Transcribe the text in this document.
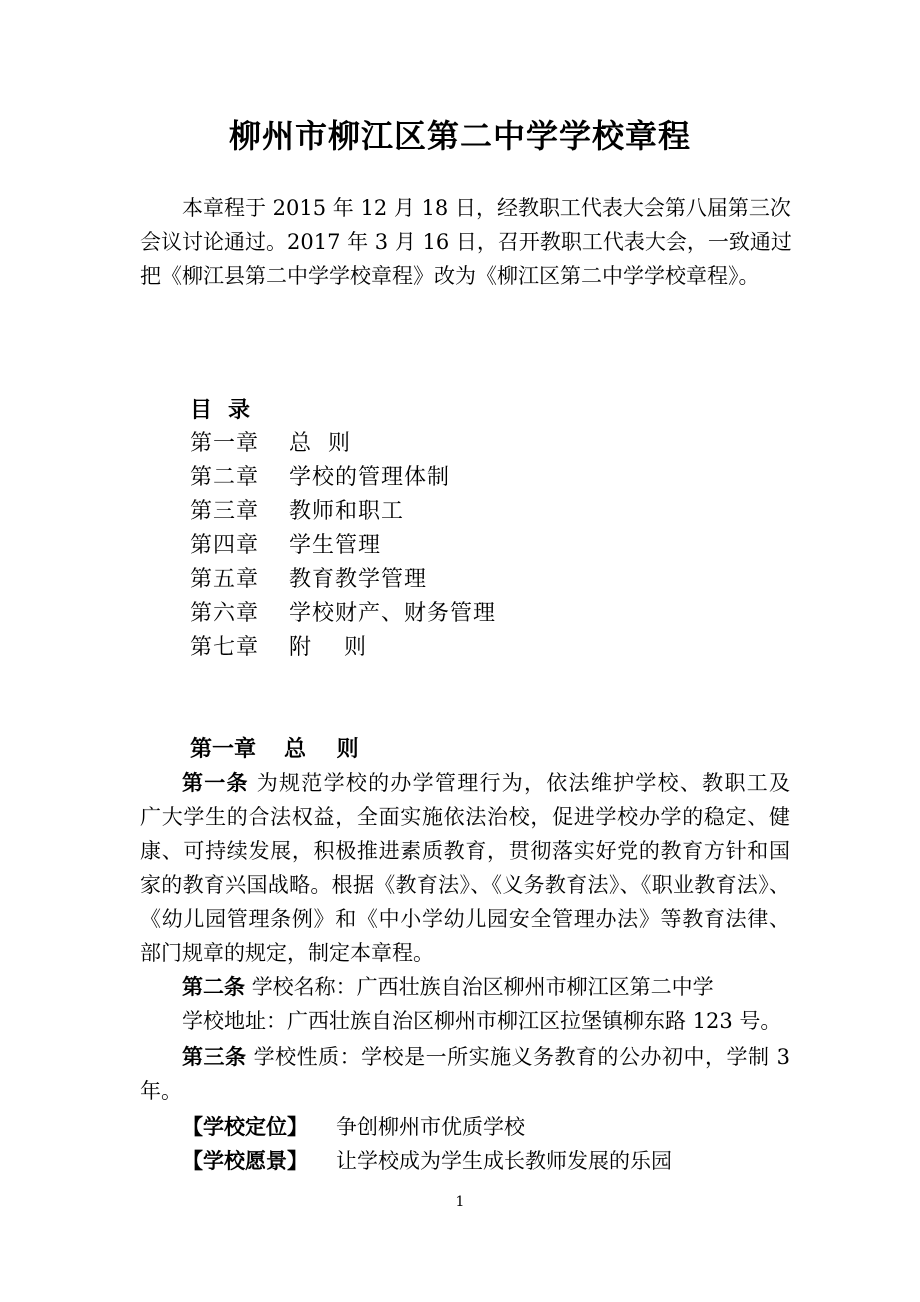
柳州市柳江区第二中学学校章程
本章程于 2015 年 12 月 18 日，经教职工代表大会第八届第三次
会议讨论通过。2017 年 3 月 16 日，召开教职工代表大会，一致通过
把《柳江县第二中学学校章程》改为《柳江区第二中学学校章程》。
目录
第一章 总  则
第二章 学校的管理体制
第三章 教师和职工
第四章 学生管理
第五章 教育教学管理
第六章 学校财产、财务管理
第七章 附    则
第一章 总    则
第一条 为规范学校的办学管理行为，依法维护学校、教职工及
广大学生的合法权益，全面实施依法治校，促进学校办学的稳定、健
康、可持续发展，积极推进素质教育，贯彻落实好党的教育方针和国
家的教育兴国战略。根据《教育法》、《义务教育法》、《职业教育法》、
《幼儿园管理条例》和《中小学幼儿园安全管理办法》等教育法律、
部门规章的规定，制定本章程。
第二条 学校名称：广西壮族自治区柳州市柳江区第二中学
学校地址：广西壮族自治区柳州市柳江区拉堡镇柳东路 123 号。
第三条 学校性质：学校是一所实施义务教育的公办初中，学制 3
年。
【学校定位】 争创柳州市优质学校
【学校愿景】 让学校成为学生成长教师发展的乐园
1
